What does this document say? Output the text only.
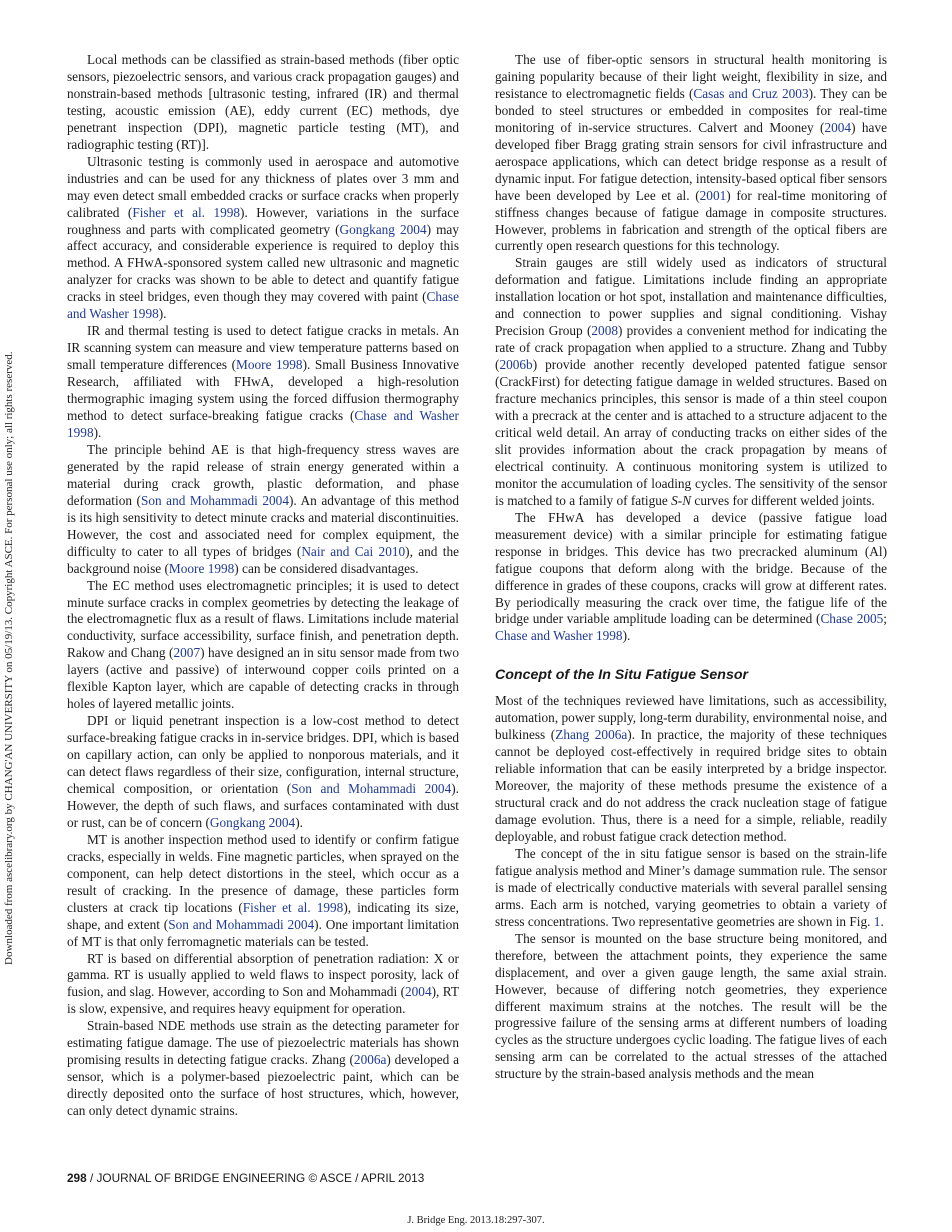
Downloaded from ascelibrary.org by CHANG'AN UNIVERSITY on 05/19/13. Copyright ASCE. For personal use only; all rights reserved.

Local methods can be classified as strain-based methods (fiber optic sensors, piezoelectric sensors, and various crack propagation gauges) and nonstrain-based methods [ultrasonic testing, infrared (IR) and thermal testing, acoustic emission (AE), eddy current (EC) methods, dye penetrant inspection (DPI), magnetic particle testing (MT), and radiographic testing (RT)].

Ultrasonic testing is commonly used in aerospace and automotive industries and can be used for any thickness of plates over 3 mm and may even detect small embedded cracks or surface cracks when properly calibrated (Fisher et al. 1998). However, variations in the surface roughness and parts with complicated geometry (Gongkang 2004) may affect accuracy, and considerable experience is required to deploy this method. A FHwA-sponsored system called new ultrasonic and magnetic analyzer for cracks was shown to be able to detect and quantify fatigue cracks in steel bridges, even though they may covered with paint (Chase and Washer 1998).

IR and thermal testing is used to detect fatigue cracks in metals. An IR scanning system can measure and view temperature patterns based on small temperature differences (Moore 1998). Small Business Innovative Research, affiliated with FHwA, developed a high-resolution thermographic imaging system using the forced diffusion thermography method to detect surface-breaking fatigue cracks (Chase and Washer 1998).

The principle behind AE is that high-frequency stress waves are generated by the rapid release of strain energy generated within a material during crack growth, plastic deformation, and phase deformation (Son and Mohammadi 2004). An advantage of this method is its high sensitivity to detect minute cracks and material discontinuities. However, the cost and associated need for complex equipment, the difficulty to cater to all types of bridges (Nair and Cai 2010), and the background noise (Moore 1998) can be considered disadvantages.

The EC method uses electromagnetic principles; it is used to detect minute surface cracks in complex geometries by detecting the leakage of the electromagnetic flux as a result of flaws. Limitations include material conductivity, surface accessibility, surface finish, and penetration depth. Rakow and Chang (2007) have designed an in situ sensor made from two layers (active and passive) of interwound copper coils printed on a flexible Kapton layer, which are capable of detecting cracks in through holes of layered metallic joints.

DPI or liquid penetrant inspection is a low-cost method to detect surface-breaking fatigue cracks in in-service bridges. DPI, which is based on capillary action, can only be applied to nonporous materials, and it can detect flaws regardless of their size, configuration, internal structure, chemical composition, or orientation (Son and Mohammadi 2004). However, the depth of such flaws, and surfaces contaminated with dust or rust, can be of concern (Gongkang 2004).

MT is another inspection method used to identify or confirm fatigue cracks, especially in welds. Fine magnetic particles, when sprayed on the component, can help detect distortions in the steel, which occur as a result of cracking. In the presence of damage, these particles form clusters at crack tip locations (Fisher et al. 1998), indicating its size, shape, and extent (Son and Mohammadi 2004). One important limitation of MT is that only ferromagnetic materials can be tested.

RT is based on differential absorption of penetration radiation: X or gamma. RT is usually applied to weld flaws to inspect porosity, lack of fusion, and slag. However, according to Son and Mohammadi (2004), RT is slow, expensive, and requires heavy equipment for operation.

Strain-based NDE methods use strain as the detecting parameter for estimating fatigue damage. The use of piezoelectric materials has shown promising results in detecting fatigue cracks. Zhang (2006a) developed a sensor, which is a polymer-based piezoelectric paint, which can be directly deposited onto the surface of host structures, which, however, can only detect dynamic strains.

The use of fiber-optic sensors in structural health monitoring is gaining popularity because of their light weight, flexibility in size, and resistance to electromagnetic fields (Casas and Cruz 2003). They can be bonded to steel structures or embedded in composites for real-time monitoring of in-service structures. Calvert and Mooney (2004) have developed fiber Bragg grating strain sensors for civil infrastructure and aerospace applications, which can detect bridge response as a result of dynamic input. For fatigue detection, intensity-based optical fiber sensors have been developed by Lee et al. (2001) for real-time monitoring of stiffness changes because of fatigue damage in composite structures. However, problems in fabrication and strength of the optical fibers are currently open research questions for this technology.

Strain gauges are still widely used as indicators of structural deformation and fatigue. Limitations include finding an appropriate installation location or hot spot, installation and maintenance difficulties, and connection to power supplies and signal conditioning. Vishay Precision Group (2008) provides a convenient method for indicating the rate of crack propagation when applied to a structure. Zhang and Tubby (2006b) provide another recently developed patented fatigue sensor (CrackFirst) for detecting fatigue damage in welded structures. Based on fracture mechanics principles, this sensor is made of a thin steel coupon with a precrack at the center and is attached to a structure adjacent to the critical weld detail. An array of conducting tracks on either sides of the slit provides information about the crack propagation by means of electrical continuity. A continuous monitoring system is utilized to monitor the accumulation of loading cycles. The sensitivity of the sensor is matched to a family of fatigue S-N curves for different welded joints.

The FHwA has developed a device (passive fatigue load measurement device) with a similar principle for estimating fatigue response in bridges. This device has two precracked aluminum (Al) fatigue coupons that deform along with the bridge. Because of the difference in grades of these coupons, cracks will grow at different rates. By periodically measuring the crack over time, the fatigue life of the bridge under variable amplitude loading can be determined (Chase 2005; Chase and Washer 1998).

Concept of the In Situ Fatigue Sensor

Most of the techniques reviewed have limitations, such as accessibility, automation, power supply, long-term durability, environmental noise, and bulkiness (Zhang 2006a). In practice, the majority of these techniques cannot be deployed cost-effectively in required bridge sites to obtain reliable information that can be easily interpreted by a bridge inspector. Moreover, the majority of these methods presume the existence of a structural crack and do not address the crack nucleation stage of fatigue damage evolution. Thus, there is a need for a simple, reliable, readily deployable, and robust fatigue crack detection method.

The concept of the in situ fatigue sensor is based on the strain-life fatigue analysis method and Miner’s damage summation rule. The sensor is made of electrically conductive materials with several parallel sensing arms. Each arm is notched, varying geometries to obtain a variety of stress concentrations. Two representative geometries are shown in Fig. 1.

The sensor is mounted on the base structure being monitored, and therefore, between the attachment points, they experience the same displacement, and over a given gauge length, the same axial strain. However, because of differing notch geometries, they experience different maximum strains at the notches. The result will be the progressive failure of the sensing arms at different numbers of loading cycles as the structure undergoes cyclic loading. The fatigue lives of each sensing arm can be correlated to the actual stresses of the attached structure by the strain-based analysis methods and the mean

298 / JOURNAL OF BRIDGE ENGINEERING © ASCE / APRIL 2013
J. Bridge Eng. 2013.18:297-307.
